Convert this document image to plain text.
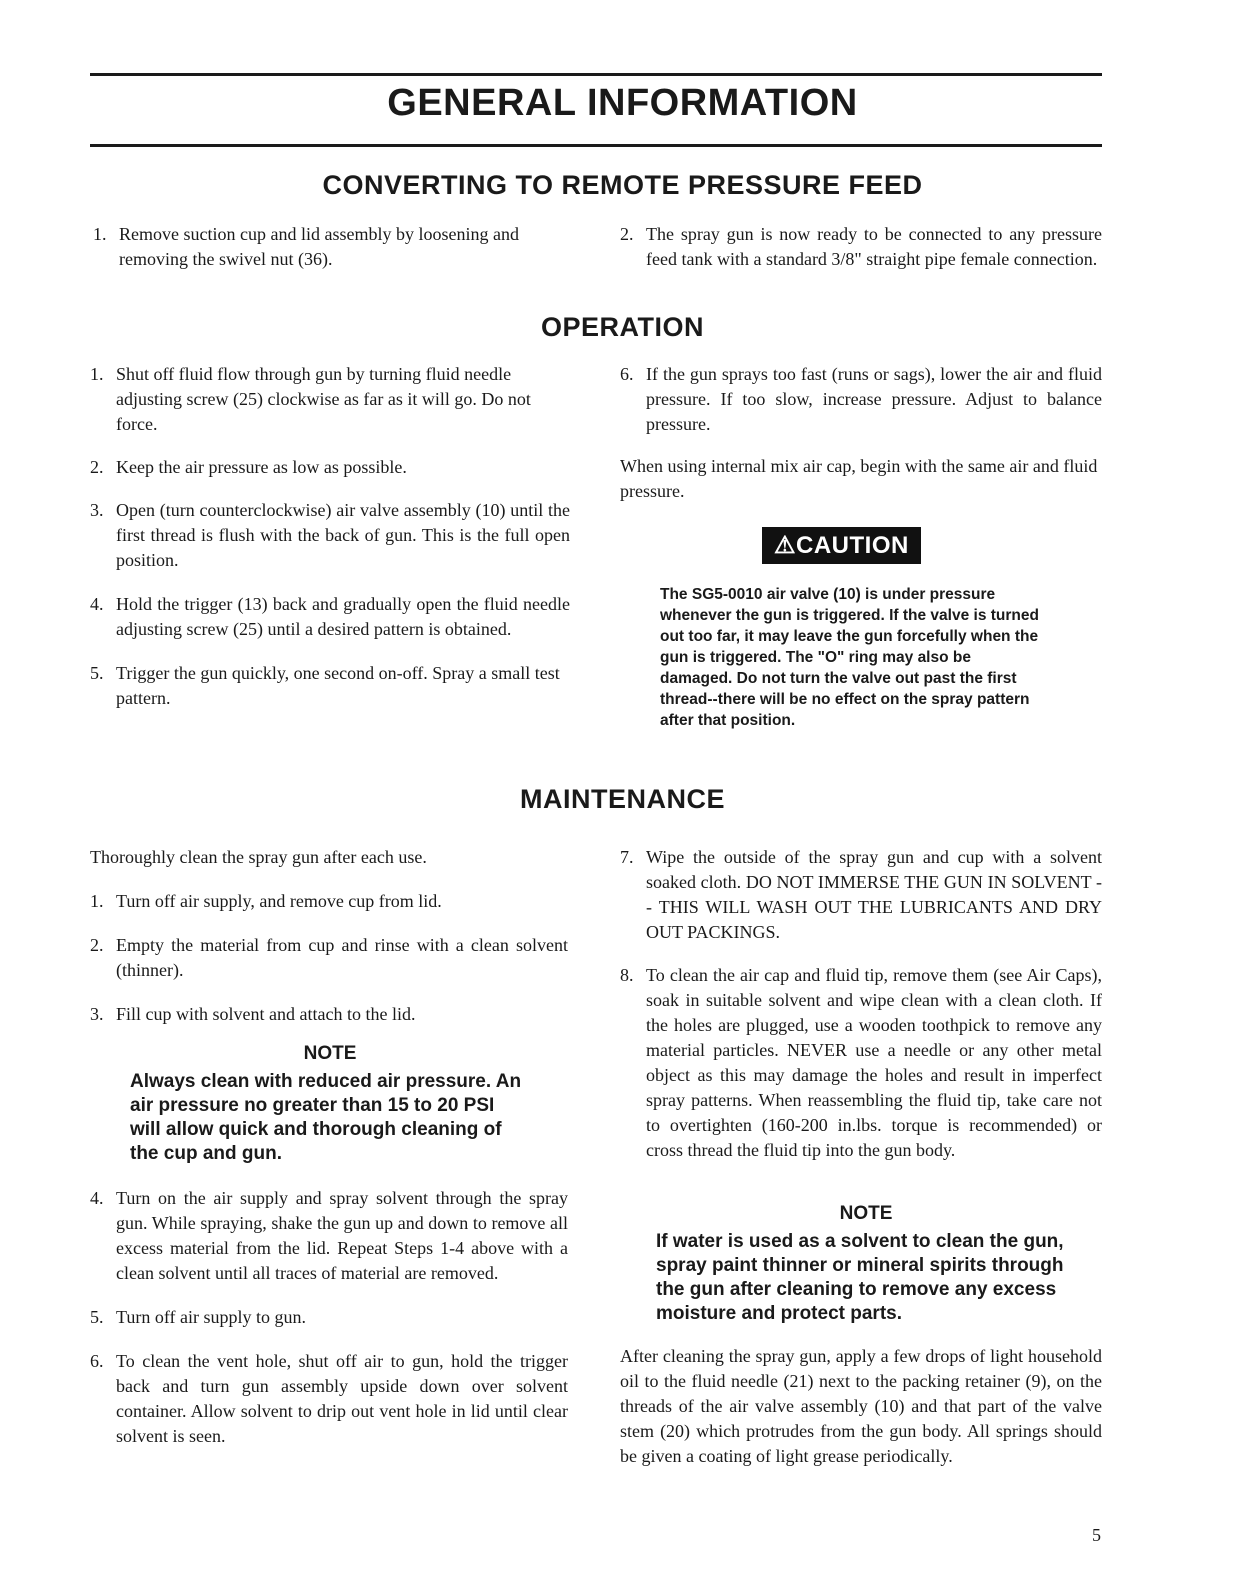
GENERAL INFORMATION
CONVERTING TO REMOTE PRESSURE FEED

1. Remove suction cup and lid assembly by loosening and removing the swivel nut (36).

2. The spray gun is now ready to be connected to any pressure feed tank with a standard 3/8" straight pipe female connection.

OPERATION

1. Shut off fluid flow through gun by turning fluid needle adjusting screw (25) clockwise as far as it will go. Do not force.

2. Keep the air pressure as low as possible.

3. Open (turn counterclockwise) air valve assembly (10) until the first thread is flush with the back of gun. This is the full open position.

4. Hold the trigger (13) back and gradually open the fluid needle adjusting screw (25) until a desired pattern is obtained.

5. Trigger the gun quickly, one second on-off. Spray a small test pattern.

6. If the gun sprays too fast (runs or sags), lower the air and fluid pressure. If too slow, increase pressure. Adjust to balance pressure.

When using internal mix air cap, begin with the same air and fluid pressure.

⚠CAUTION
The SG5-0010 air valve (10) is under pressure whenever the gun is triggered. If the valve is turned out too far, it may leave the gun forcefully when the gun is triggered. The "O" ring may also be damaged. Do not turn the valve out past the first thread--there will be no effect on the spray pattern after that position.
MAINTENANCE

Thoroughly clean the spray gun after each use.

1. Turn off air supply, and remove cup from lid.

2. Empty the material from cup and rinse with a clean solvent (thinner).

3. Fill cup with solvent and attach to the lid.

NOTE
Always clean with reduced air pressure. An air pressure no greater than 15 to 20 PSI will allow quick and thorough cleaning of the cup and gun.

4. Turn on the air supply and spray solvent through the spray gun. While spraying, shake the gun up and down to remove all excess material from the lid. Repeat Steps 1-4 above with a clean solvent until all traces of material are removed.

5. Turn off air supply to gun.

6. To clean the vent hole, shut off air to gun, hold the trigger back and turn gun assembly upside down over solvent container. Allow solvent to drip out vent hole in lid until clear solvent is seen.

7. Wipe the outside of the spray gun and cup with a solvent soaked cloth. DO NOT IMMERSE THE GUN IN SOLVENT -- THIS WILL WASH OUT THE LUBRICANTS AND DRY OUT PACKINGS.

8. To clean the air cap and fluid tip, remove them (see Air Caps), soak in suitable solvent and wipe clean with a clean cloth. If the holes are plugged, use a wooden toothpick to remove any material particles. NEVER use a needle or any other metal object as this may damage the holes and result in imperfect spray patterns. When reassembling the fluid tip, take care not to overtighten (160-200 in.lbs. torque is recommended) or cross thread the fluid tip into the gun body.

NOTE
If water is used as a solvent to clean the gun, spray paint thinner or mineral spirits through the gun after cleaning to remove any excess moisture and protect parts.

After cleaning the spray gun, apply a few drops of light household oil to the fluid needle (21) next to the packing retainer (9), on the threads of the air valve assembly (10) and that part of the valve stem (20) which protrudes from the gun body. All springs should be given a coating of light grease periodically.

5
